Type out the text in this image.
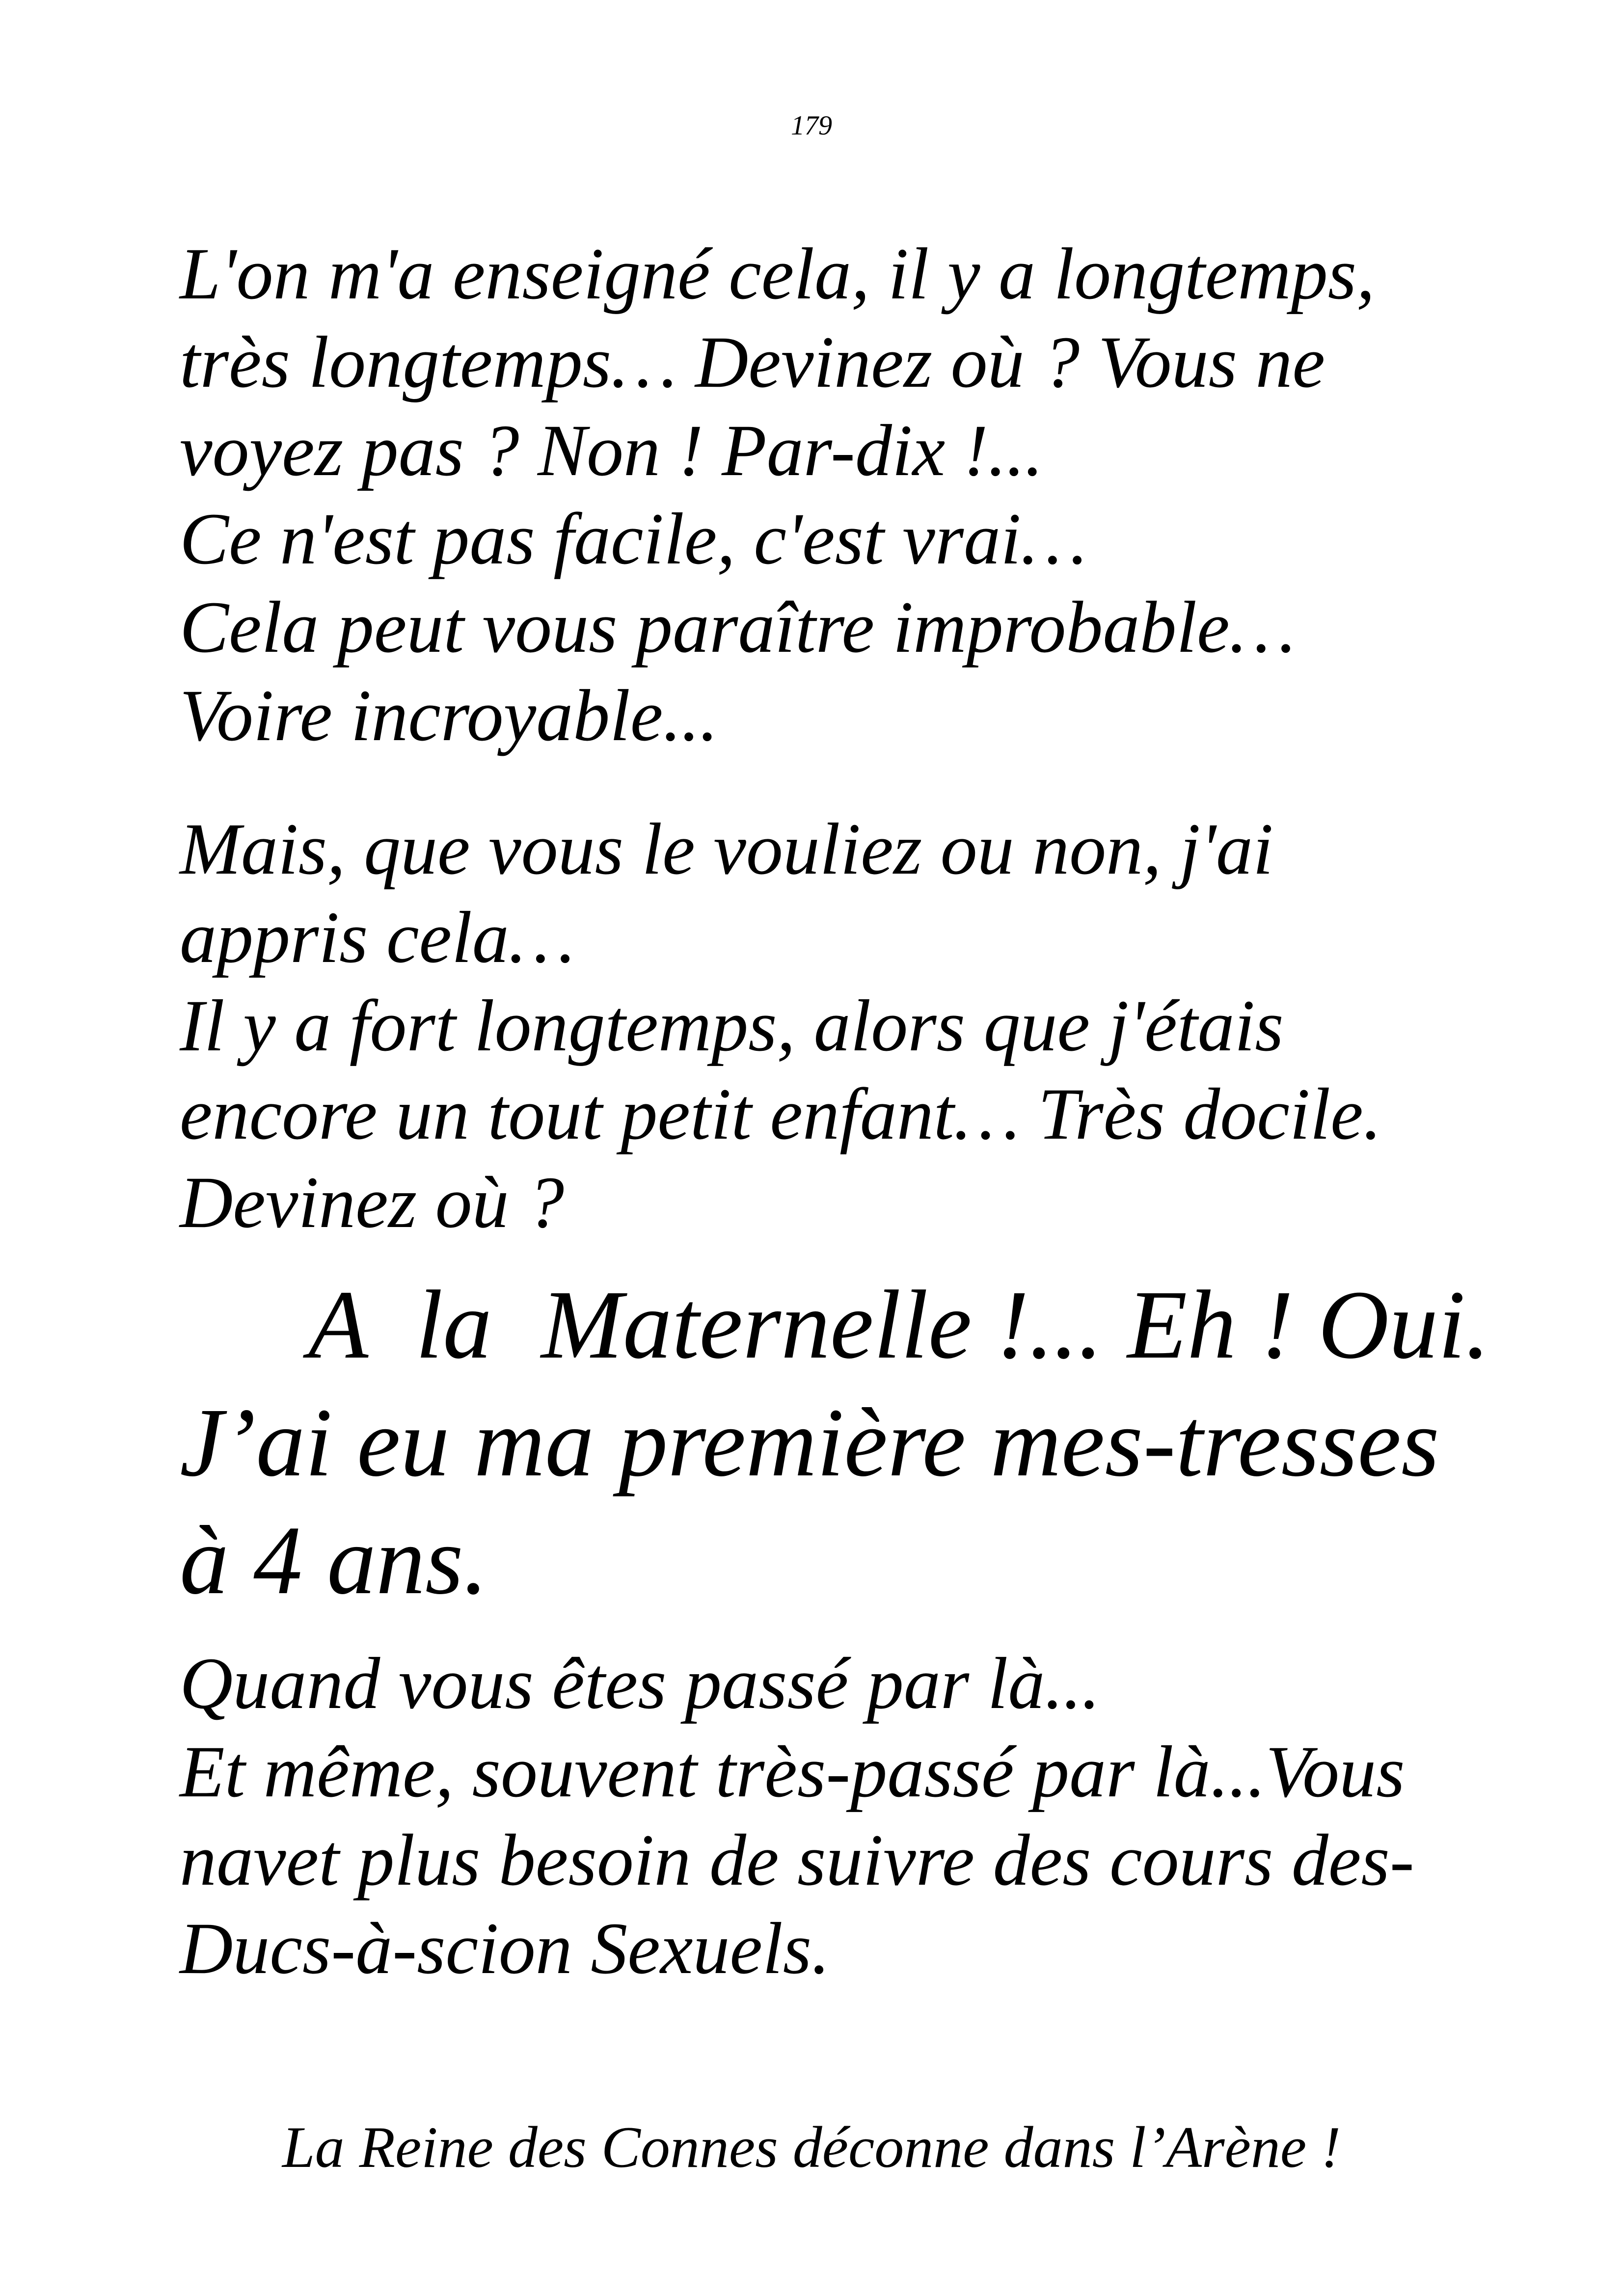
179

L'on m'a enseigné cela, il y a longtemps,
très longtemps… Devinez où ? Vous ne
voyez pas ? Non ! Par-dix !...
Ce n'est pas facile, c'est vrai…
Cela peut vous paraître improbable…
Voire incroyable...

Mais, que vous le vouliez ou non, j'ai
appris cela…
Il y a fort longtemps, alors que j'étais
encore un tout petit enfant… Très docile.
Devinez où ?

A  la  Maternelle !... Eh ! Oui.
J’ai eu ma première mes-tresses
à 4 ans.

Quand vous êtes passé par là...
Et même, souvent très-passé par là...Vous
navet plus besoin de suivre des cours des-
Ducs-à-scion Sexuels.

La Reine des Connes déconne dans l’Arène !
